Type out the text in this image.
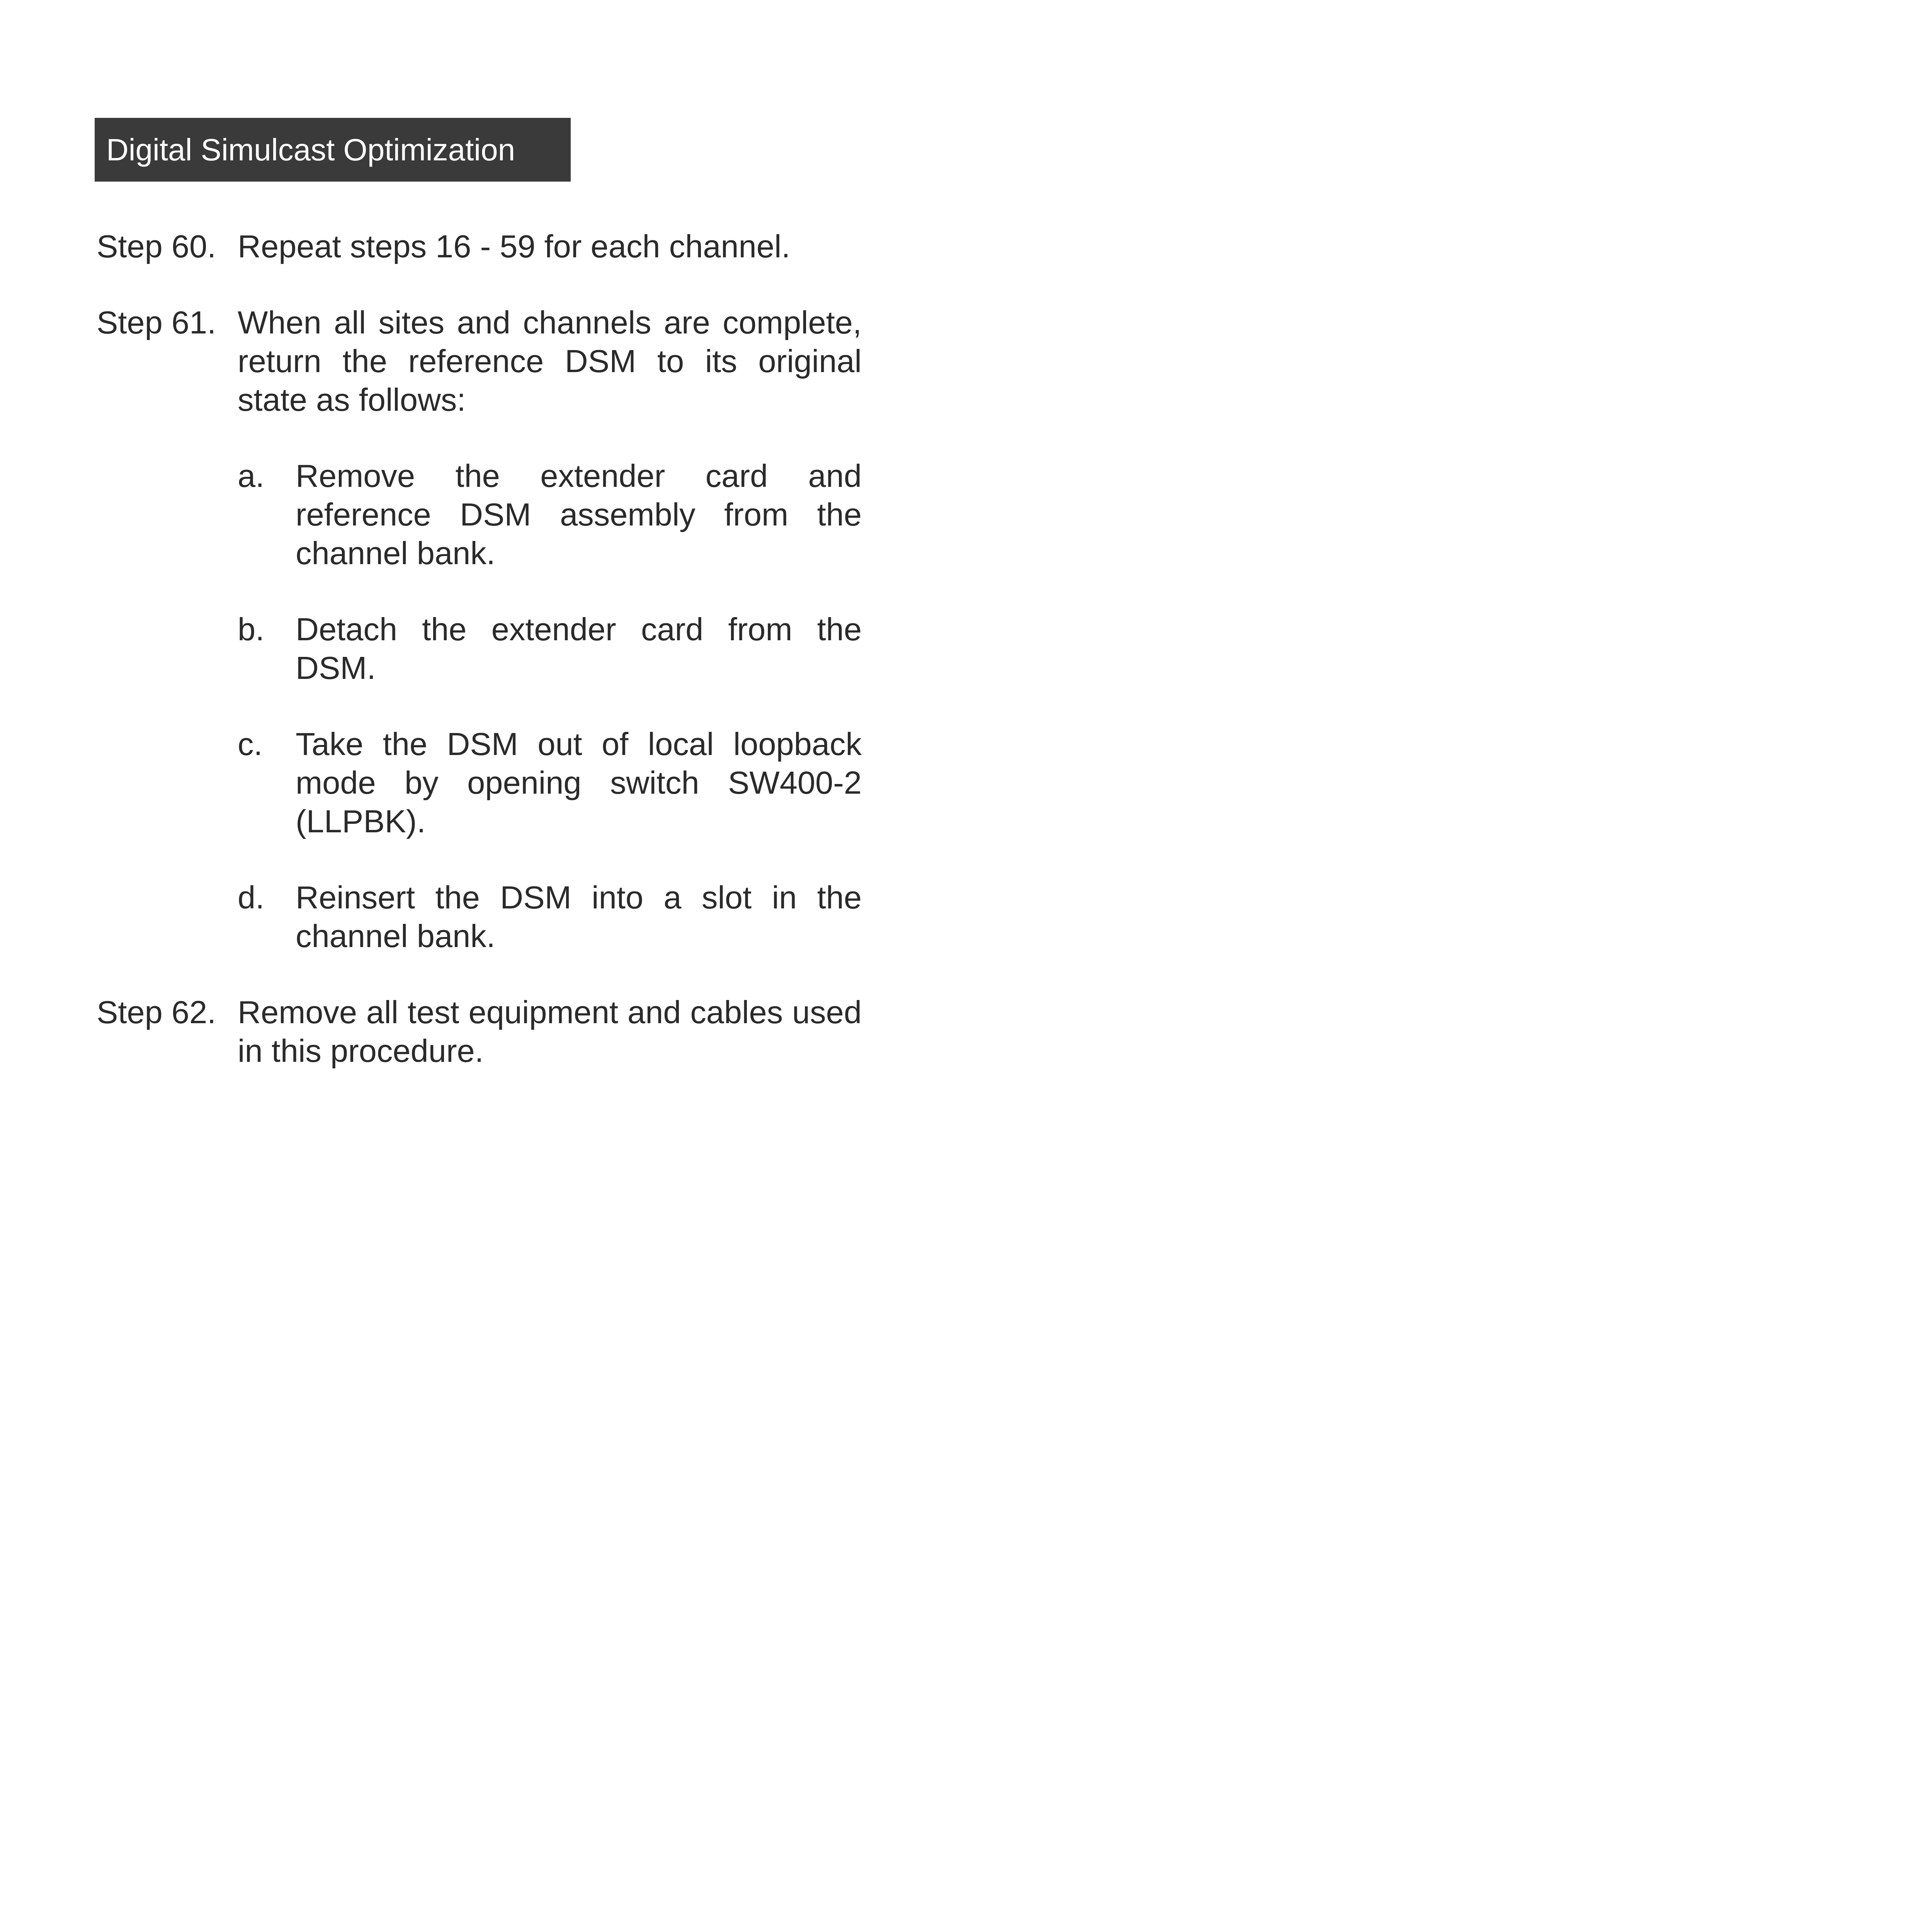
Digital Simulcast Optimization
Step 60. Repeat steps 16 - 59 for each channel.
Step 61. When all sites and channels are complete, return the reference DSM to its original state as follows:
a. Remove the extender card and reference DSM assembly from the channel bank.
b. Detach the extender card from the DSM.
c.	Take the DSM out of local loopback mode by opening switch SW400-2 (LLPBK).
d. Reinsert the DSM into a slot in the channel bank.
Step 62. Remove all test equipment and cables used in this procedure.
